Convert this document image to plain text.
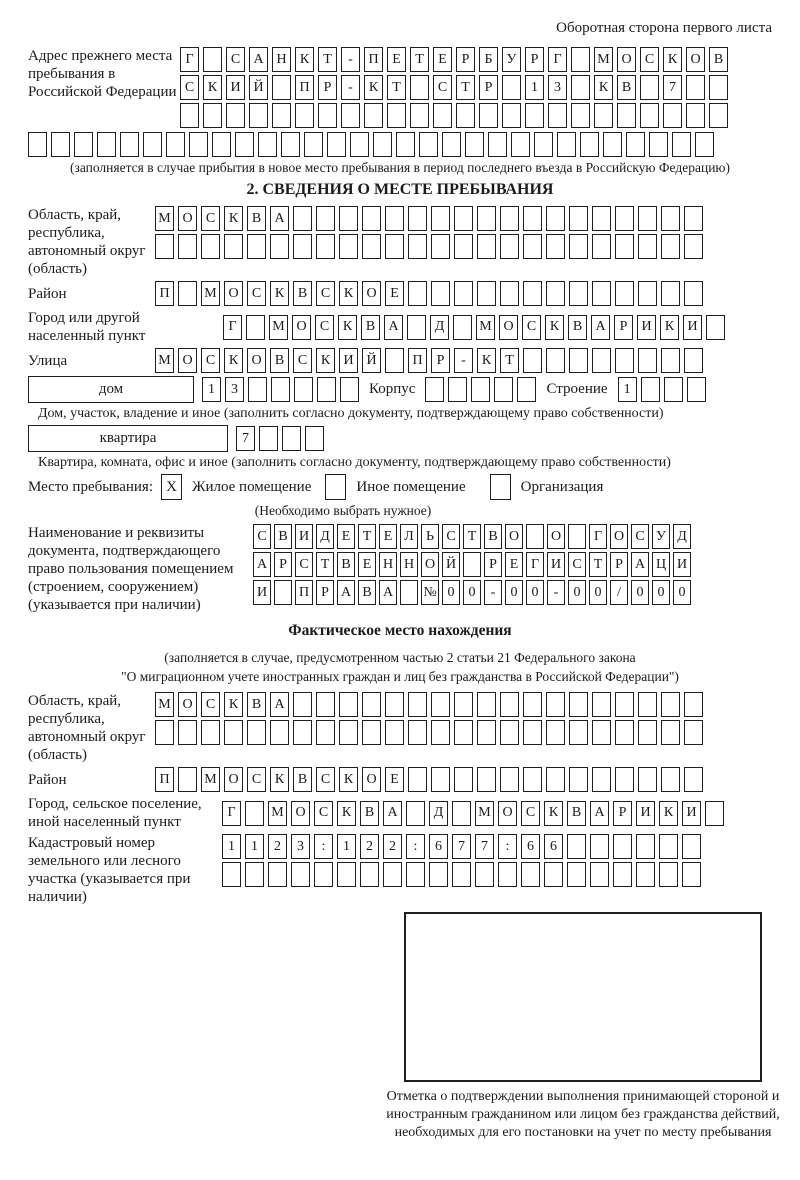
Оборотная сторона первого листа
Адрес прежнего места пребывания в Российской Федерации
Г	С А Н К	Т	-	П Е	Т	Е	Р	Б	У	Р	Г	М О С К О В
С К И Й	П	Р	-	К	Т	С	Т	Р	1	3	К В	7
(заполняется в случае прибытия в новое место пребывания в период последнего въезда в Российскую Федерацию)
2. СВЕДЕНИЯ О МЕСТЕ ПРЕБЫВАНИЯ
Область, край, республика, автономный округ (область)
М О С К В А
Район	П	М О С К В С К О Е
Город или другой населенный пункт
Г	М О С К В А	Д	М О С К В А	Р	И К И
Улица	М О С К О В С К И Й	П	Р	-	К	Т
дом	1	3	Корпус	Строение	1
Дом, участок, владение и иное (заполнить согласно документу, подтверждающему право собственности)
квартира	7
Квартира, комната, офис и иное (заполнить согласно документу, подтверждающему право собственности)
Место пребывания: X	Жилое помещение	Иное помещение	Организация
(Необходимо выбрать нужное)
Наименование и реквизиты документа, подтверждающего право пользования помещением (строением, сооружением) (указывается при наличии)
С В И Д Е Т Е Л Ь С Т В О О	Г О С У Д
А Р С Т В Е Н Н О Й	Р Е Г И С Т Р А Ц И
И П Р А В А № 0	0	-	0	0	-	0	0	/	0	0	0
Фактическое место нахождения
(заполняется в случае, предусмотренном частью 2 статьи 21 Федерального закона
"О миграционном учете иностранных граждан и лиц без гражданства в Российской Федерации")
Область, край, республика, автономный округ (область)
М О С К В А
Район	П	М О С К В С К О Е
Город, сельское поселение, иной населенный пункт
Г	М О С К В А	Д	М О С К В А	Р	И К И
Кадастровый номер земельного или лесного участка (указывается при наличии)
1	1	2	3	:	1	2	2	:	6	7	7	:	6	6

Отметка о подтверждении выполнения принимающей стороной и иностранным гражданином или лицом без гражданства действий, необходимых для его постановки на учет по месту пребывания
